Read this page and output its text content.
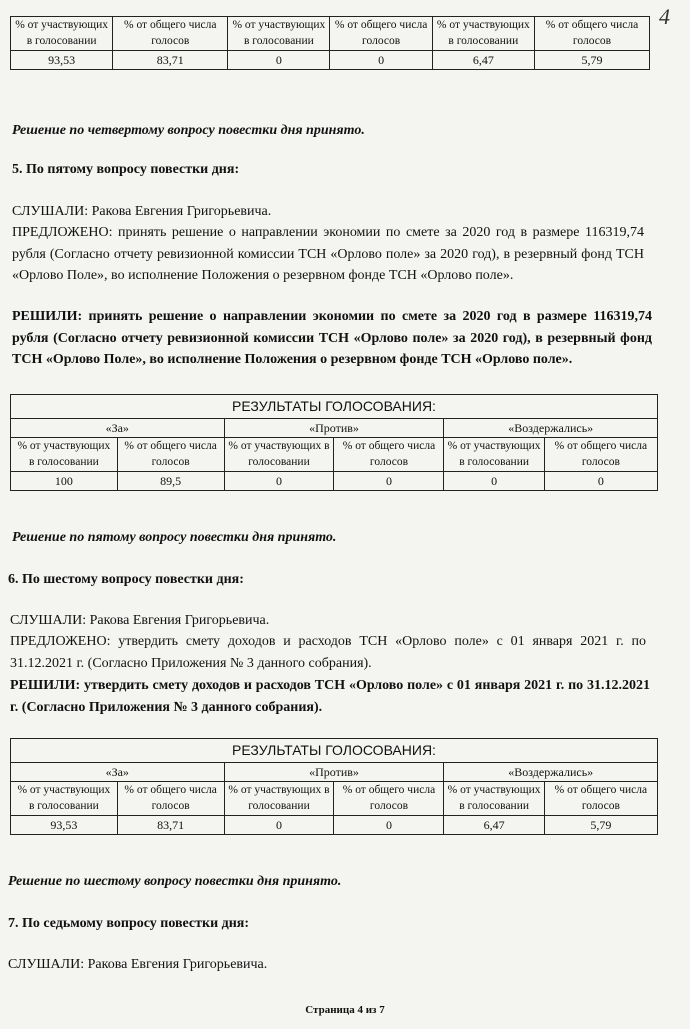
4
% от участвующих в голосовании	% от общего числа голосов	% от участвующих в голосовании	% от общего числа голосов	% от участвующих в голосовании	% от общего числа голосов
93,53	83,71	0	0	6,47	5,79
Решение по четвертому вопросу повестки дня принято.
5. По пятому вопросу повестки дня:
СЛУШАЛИ: Ракова Евгения Григорьевича.
ПРЕДЛОЖЕНО: принять решение о направлении экономии по смете за 2020 год в размере 116319,74 рубля (Согласно отчету ревизионной комиссии ТСН «Орлово поле» за 2020 год), в резервный фонд ТСН «Орлово Поле», во исполнение Положения о резервном фонде ТСН «Орлово поле».
РЕШИЛИ: принять решение о направлении экономии по смете за 2020 год в размере 116319,74 рубля (Согласно отчету ревизионной комиссии ТСН «Орлово поле» за 2020 год), в резервный фонд ТСН «Орлово Поле», во исполнение Положения о резервном фонде ТСН «Орлово поле».
РЕЗУЛЬТАТЫ ГОЛОСОВАНИЯ:					
«За»		«Против»		«Воздержались»	
% от участвующих в голосовании	% от общего числа голосов	% от участвующих в голосовании	% от общего числа голосов	% от участвующих в голосовании	% от общего числа голосов
100	89,5	0	0	0	0
Решение по пятому вопросу повестки дня принято.
6. По шестому вопросу повестки дня:
СЛУШАЛИ: Ракова Евгения Григорьевича.
ПРЕДЛОЖЕНО: утвердить смету доходов и расходов ТСН «Орлово поле» с 01 января 2021 г. по 31.12.2021 г. (Согласно Приложения № 3 данного собрания).
РЕШИЛИ: утвердить смету доходов и расходов ТСН «Орлово поле» с 01 января 2021 г. по 31.12.2021 г. (Согласно Приложения № 3 данного собрания).
РЕЗУЛЬТАТЫ ГОЛОСОВАНИЯ:					
«За»		«Против»		«Воздержались»	
% от участвующих в голосовании	% от общего числа голосов	% от участвующих в голосовании	% от общего числа голосов	% от участвующих в голосовании	% от общего числа голосов
93,53	83,71	0	0	6,47	5,79
Решение по шестому вопросу повестки дня принято.
7. По седьмому вопросу повестки дня:
СЛУШАЛИ: Ракова Евгения Григорьевича.
Страница 4 из 7
